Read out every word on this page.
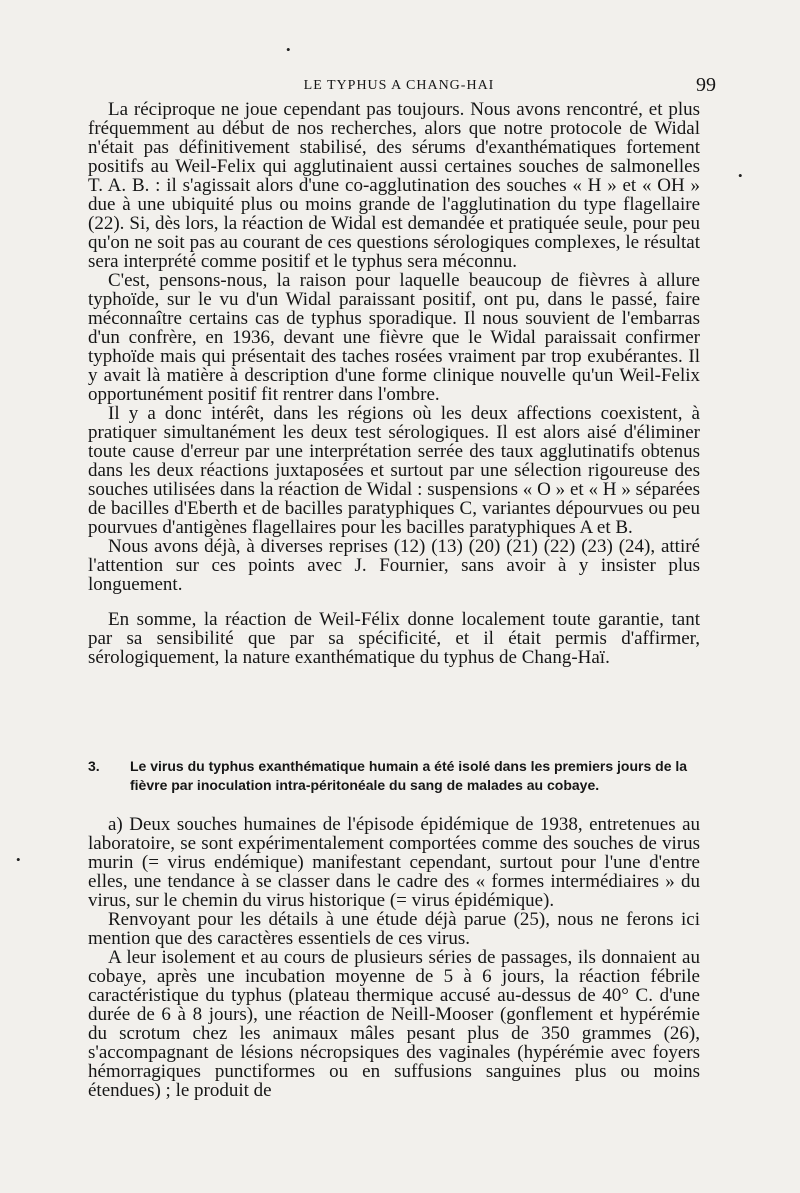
•
•
•
LE TYPHUS A CHANG-HAI	99

La réciproque ne joue cependant pas toujours. Nous avons rencontré, et plus fréquemment au début de nos recherches, alors que notre protocole de Widal n'était pas définitivement stabilisé, des sérums d'exanthématiques fortement positifs au Weil-Felix qui agglutinaient aussi certaines souches de salmonelles T. A. B. : il s'agissait alors d'une co-agglutination des souches « H » et « OH » due à une ubiquité plus ou moins grande de l'agglutination du type flagellaire (22). Si, dès lors, la réaction de Widal est demandée et pratiquée seule, pour peu qu'on ne soit pas au courant de ces questions sérologiques complexes, le résultat sera interprété comme positif et le typhus sera méconnu.

C'est, pensons-nous, la raison pour laquelle beaucoup de fièvres à allure typhoïde, sur le vu d'un Widal paraissant positif, ont pu, dans le passé, faire méconnaître certains cas de typhus sporadique. Il nous souvient de l'embarras d'un confrère, en 1936, devant une fièvre que le Widal paraissait confirmer typhoïde mais qui présentait des taches rosées vraiment par trop exubérantes. Il y avait là matière à description d'une forme clinique nouvelle qu'un Weil-Felix opportunément positif fit rentrer dans l'ombre.

Il y a donc intérêt, dans les régions où les deux affections coexistent, à pratiquer simultanément les deux test sérologiques. Il est alors aisé d'éliminer toute cause d'erreur par une interprétation serrée des taux agglutinatifs obtenus dans les deux réactions juxtaposées et surtout par une sélection rigoureuse des souches utilisées dans la réaction de Widal : suspensions « O » et « H » séparées de bacilles d'Eberth et de bacilles paratyphiques C, variantes dépourvues ou peu pourvues d'antigènes flagellaires pour les bacilles paratyphiques A et B.

Nous avons déjà, à diverses reprises (12) (13) (20) (21) (22) (23) (24), attiré l'attention sur ces points avec J. Fournier, sans avoir à y insister plus longuement.

En somme, la réaction de Weil-Félix donne localement toute garantie, tant par sa sensibilité que par sa spécificité, et il était permis d'affirmer, sérologiquement, la nature exanthématique du typhus de Chang-Haï.

3. Le virus du typhus exanthématique humain a été isolé dans les premiers jours de la fièvre par inoculation intra-péritonéale du sang de malades au cobaye.

a) Deux souches humaines de l'épisode épidémique de 1938, entretenues au laboratoire, se sont expérimentalement comportées comme des souches de virus murin (= virus endémique) manifestant cependant, surtout pour l'une d'entre elles, une tendance à se classer dans le cadre des « formes intermédiaires » du virus, sur le chemin du virus historique (= virus épidémique).

Renvoyant pour les détails à une étude déjà parue (25), nous ne ferons ici mention que des caractères essentiels de ces virus.

A leur isolement et au cours de plusieurs séries de passages, ils donnaient au cobaye, après une incubation moyenne de 5 à 6 jours, la réaction fébrile caractéristique du typhus (plateau thermique accusé au-dessus de 40° C. d'une durée de 6 à 8 jours), une réaction de Neill-Mooser (gonflement et hypérémie du scrotum chez les animaux mâles pesant plus de 350 grammes (26), s'accompagnant de lésions nécropsiques des vaginales (hypérémie avec foyers hémorragiques punctiformes ou en suffusions sanguines plus ou moins étendues) ; le produit de
